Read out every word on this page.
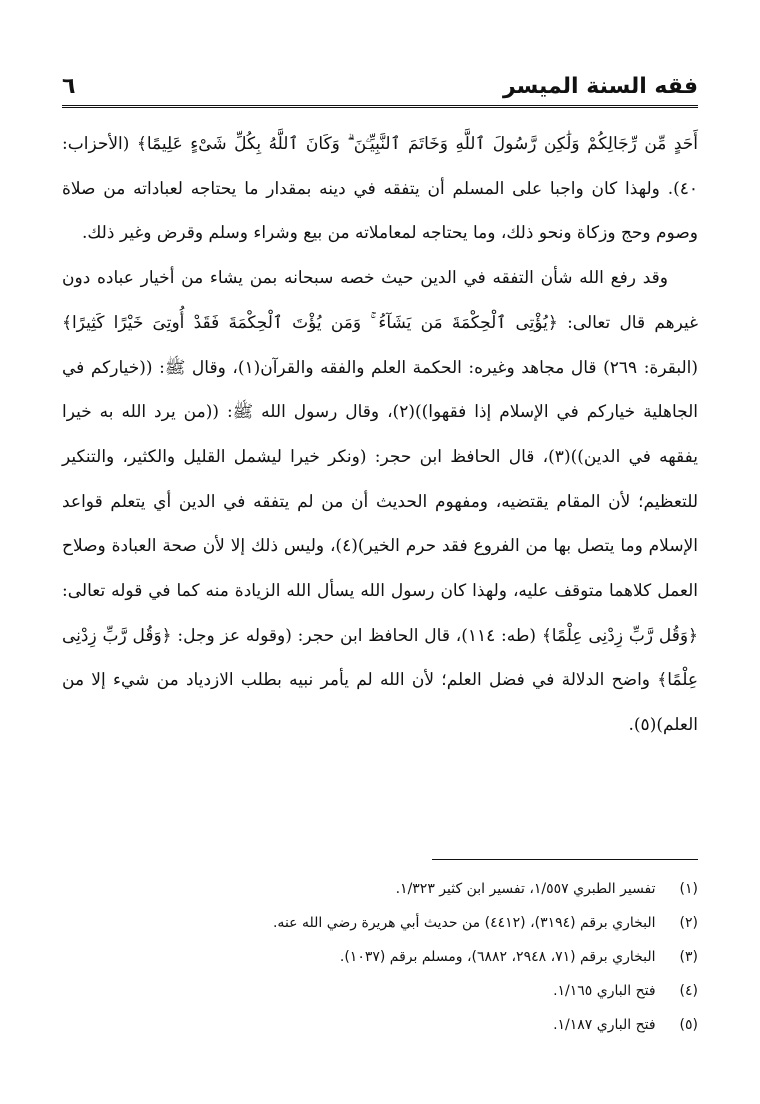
فقه السنة الميسر
٦

أَحَدٍ مِّن رِّجَالِكُمْ وَلَٰكِن رَّسُولَ ٱللَّهِ وَخَاتَمَ ٱلنَّبِيِّـۧنَ ۗ وَكَانَ ٱللَّهُ بِكُلِّ شَىْءٍ عَلِيمًا﴾ (الأحزاب: ٤٠). ولهذا كان واجبا على المسلم أن يتفقه في دينه بمقدار ما يحتاجه لعباداته من صلاة وصوم وحج وزكاة ونحو ذلك، وما يحتاجه لمعاملاته من بيع وشراء وسلم وقرض وغير ذلك.

وقد رفع الله شأن التفقه في الدين حيث خصه سبحانه بمن يشاء من أخيار عباده دون غيرهم قال تعالى: ﴿يُؤْتِى ٱلْحِكْمَةَ مَن يَشَآءُ ۚ وَمَن يُؤْتَ ٱلْحِكْمَةَ فَقَدْ أُوتِىَ خَيْرًا كَثِيرًا﴾ (البقرة: ٢٦٩) قال مجاهد وغيره: الحكمة العلم والفقه والقرآن(١)، وقال ﷺ: ((خياركم في الجاهلية خياركم في الإسلام إذا فقهوا))(٢)، وقال رسول الله ﷺ: ((من يرد الله به خيرا يفقهه في الدين))(٣)، قال الحافظ ابن حجر: (ونكر خيرا ليشمل القليل والكثير، والتنكير للتعظيم؛ لأن المقام يقتضيه، ومفهوم الحديث أن من لم يتفقه في الدين أي يتعلم قواعد الإسلام وما يتصل بها من الفروع فقد حرم الخير)(٤)، وليس ذلك إلا لأن صحة العبادة وصلاح العمل كلاهما متوقف عليه، ولهذا كان رسول الله يسأل الله الزيادة منه كما في قوله تعالى: ﴿وَقُل رَّبِّ زِدْنِى عِلْمًا﴾ (طه: ١١٤)، قال الحافظ ابن حجر: (وقوله عز وجل: ﴿وَقُل رَّبِّ زِدْنِى عِلْمًا﴾ واضح الدلالة في فضل العلم؛ لأن الله لم يأمر نبيه بطلب الازدياد من شيء إلا من العلم)(٥).

(١) تفسير الطبري ١/٥٥٧، تفسير ابن كثير ١/٣٢٣.
(٢) البخاري برقم (٣١٩٤)، (٤٤١٢) من حديث أبي هريرة رضي الله عنه.
(٣) البخاري برقم (٧١، ٢٩٤٨، ٦٨٨٢)، ومسلم برقم (١٠٣٧).
(٤) فتح الباري ١/١٦٥.
(٥) فتح الباري ١/١٨٧.
